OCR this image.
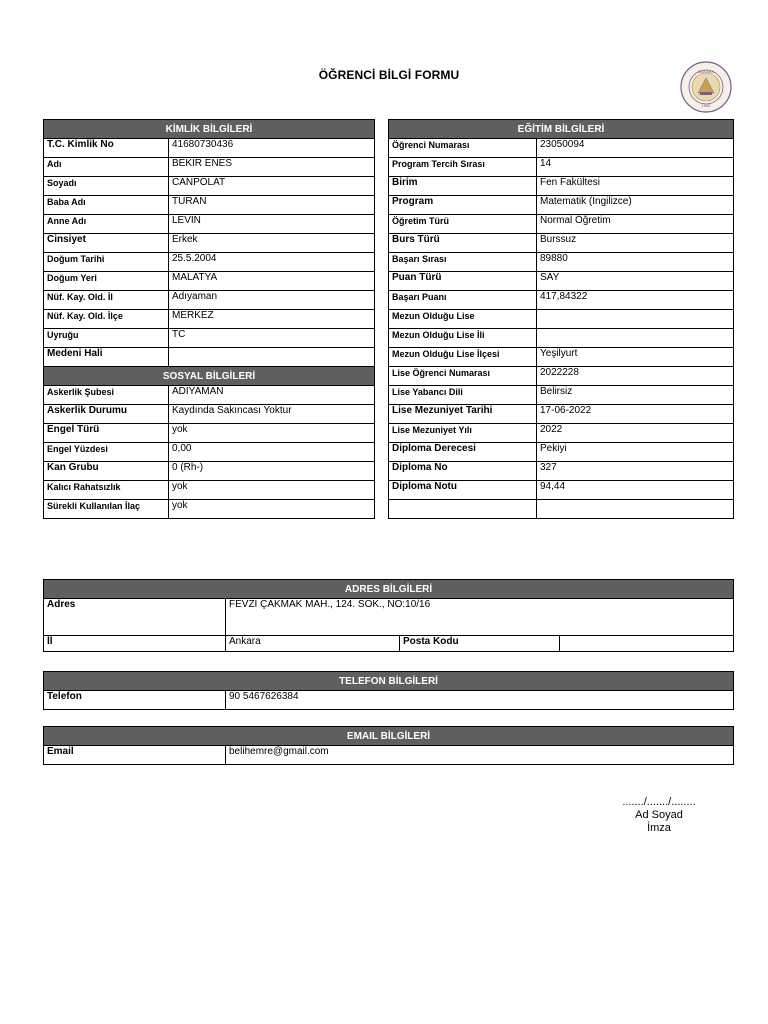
ÖĞRENCİ BİLGİ FORMU	ANKARA
1946
KİMLİK BİLGİLERİ	
T.C. Kimlik No	41680730436
Adı	BEKİR ENES
Soyadı	CANPOLAT
Baba Adı	TURAN
Anne Adı	LEVİN
Cinsiyet	Erkek
Doğum Tarihi	25.5.2004
Doğum Yeri	MALATYA
Nüf. Kay. Old. İl	Adıyaman
Nüf. Kay. Old. İlçe	MERKEZ
Uyruğu	TC
Medeni Hali	
SOSYAL BİLGİLERİ	
Askerlik Şubesi	ADIYAMAN
Askerlik Durumu	Kaydında Sakıncası Yoktur
Engel Türü	yok
Engel Yüzdesi	0,00
Kan Grubu	0 (Rh-)
Kalıcı Rahatsızlık	yok
Sürekli Kullanılan İlaç	yok
EĞİTİM BİLGİLERİ	
Öğrenci Numarası	23050094
Program Tercih Sırası	14
Birim	Fen Fakültesi
Program	Matematik (İngilizce)
Öğretim Türü	Normal Öğretim
Burs Türü	Burssuz
Başarı Sırası	89880
Puan Türü	SAY
Başarı Puanı	417,84322
Mezun Olduğu Lise	
Mezun Olduğu Lise İli	
Mezun Olduğu Lise İlçesi	Yeşilyurt
Lise Öğrenci Numarası	2022228
Lise Yabancı Dili	Belirsiz
Lise Mezuniyet Tarihi	17-06-2022
Lise Mezuniyet Yılı	2022
Diploma Derecesi	Pekiyi
Diploma No	327
Diploma Notu	94,44

ADRES BİLGİLERİ			
Adres	FEVZİ ÇAKMAK MAH., 124. SOK., NO:10/16		
İl	Ankara	Posta Kodu	
TELEFON BİLGİLERİ
Telefon	90 5467626384
EMAIL BİLGİLERİ
Email	belihemre@gmail.com
......./......./........
Ad Soyad
İmza
